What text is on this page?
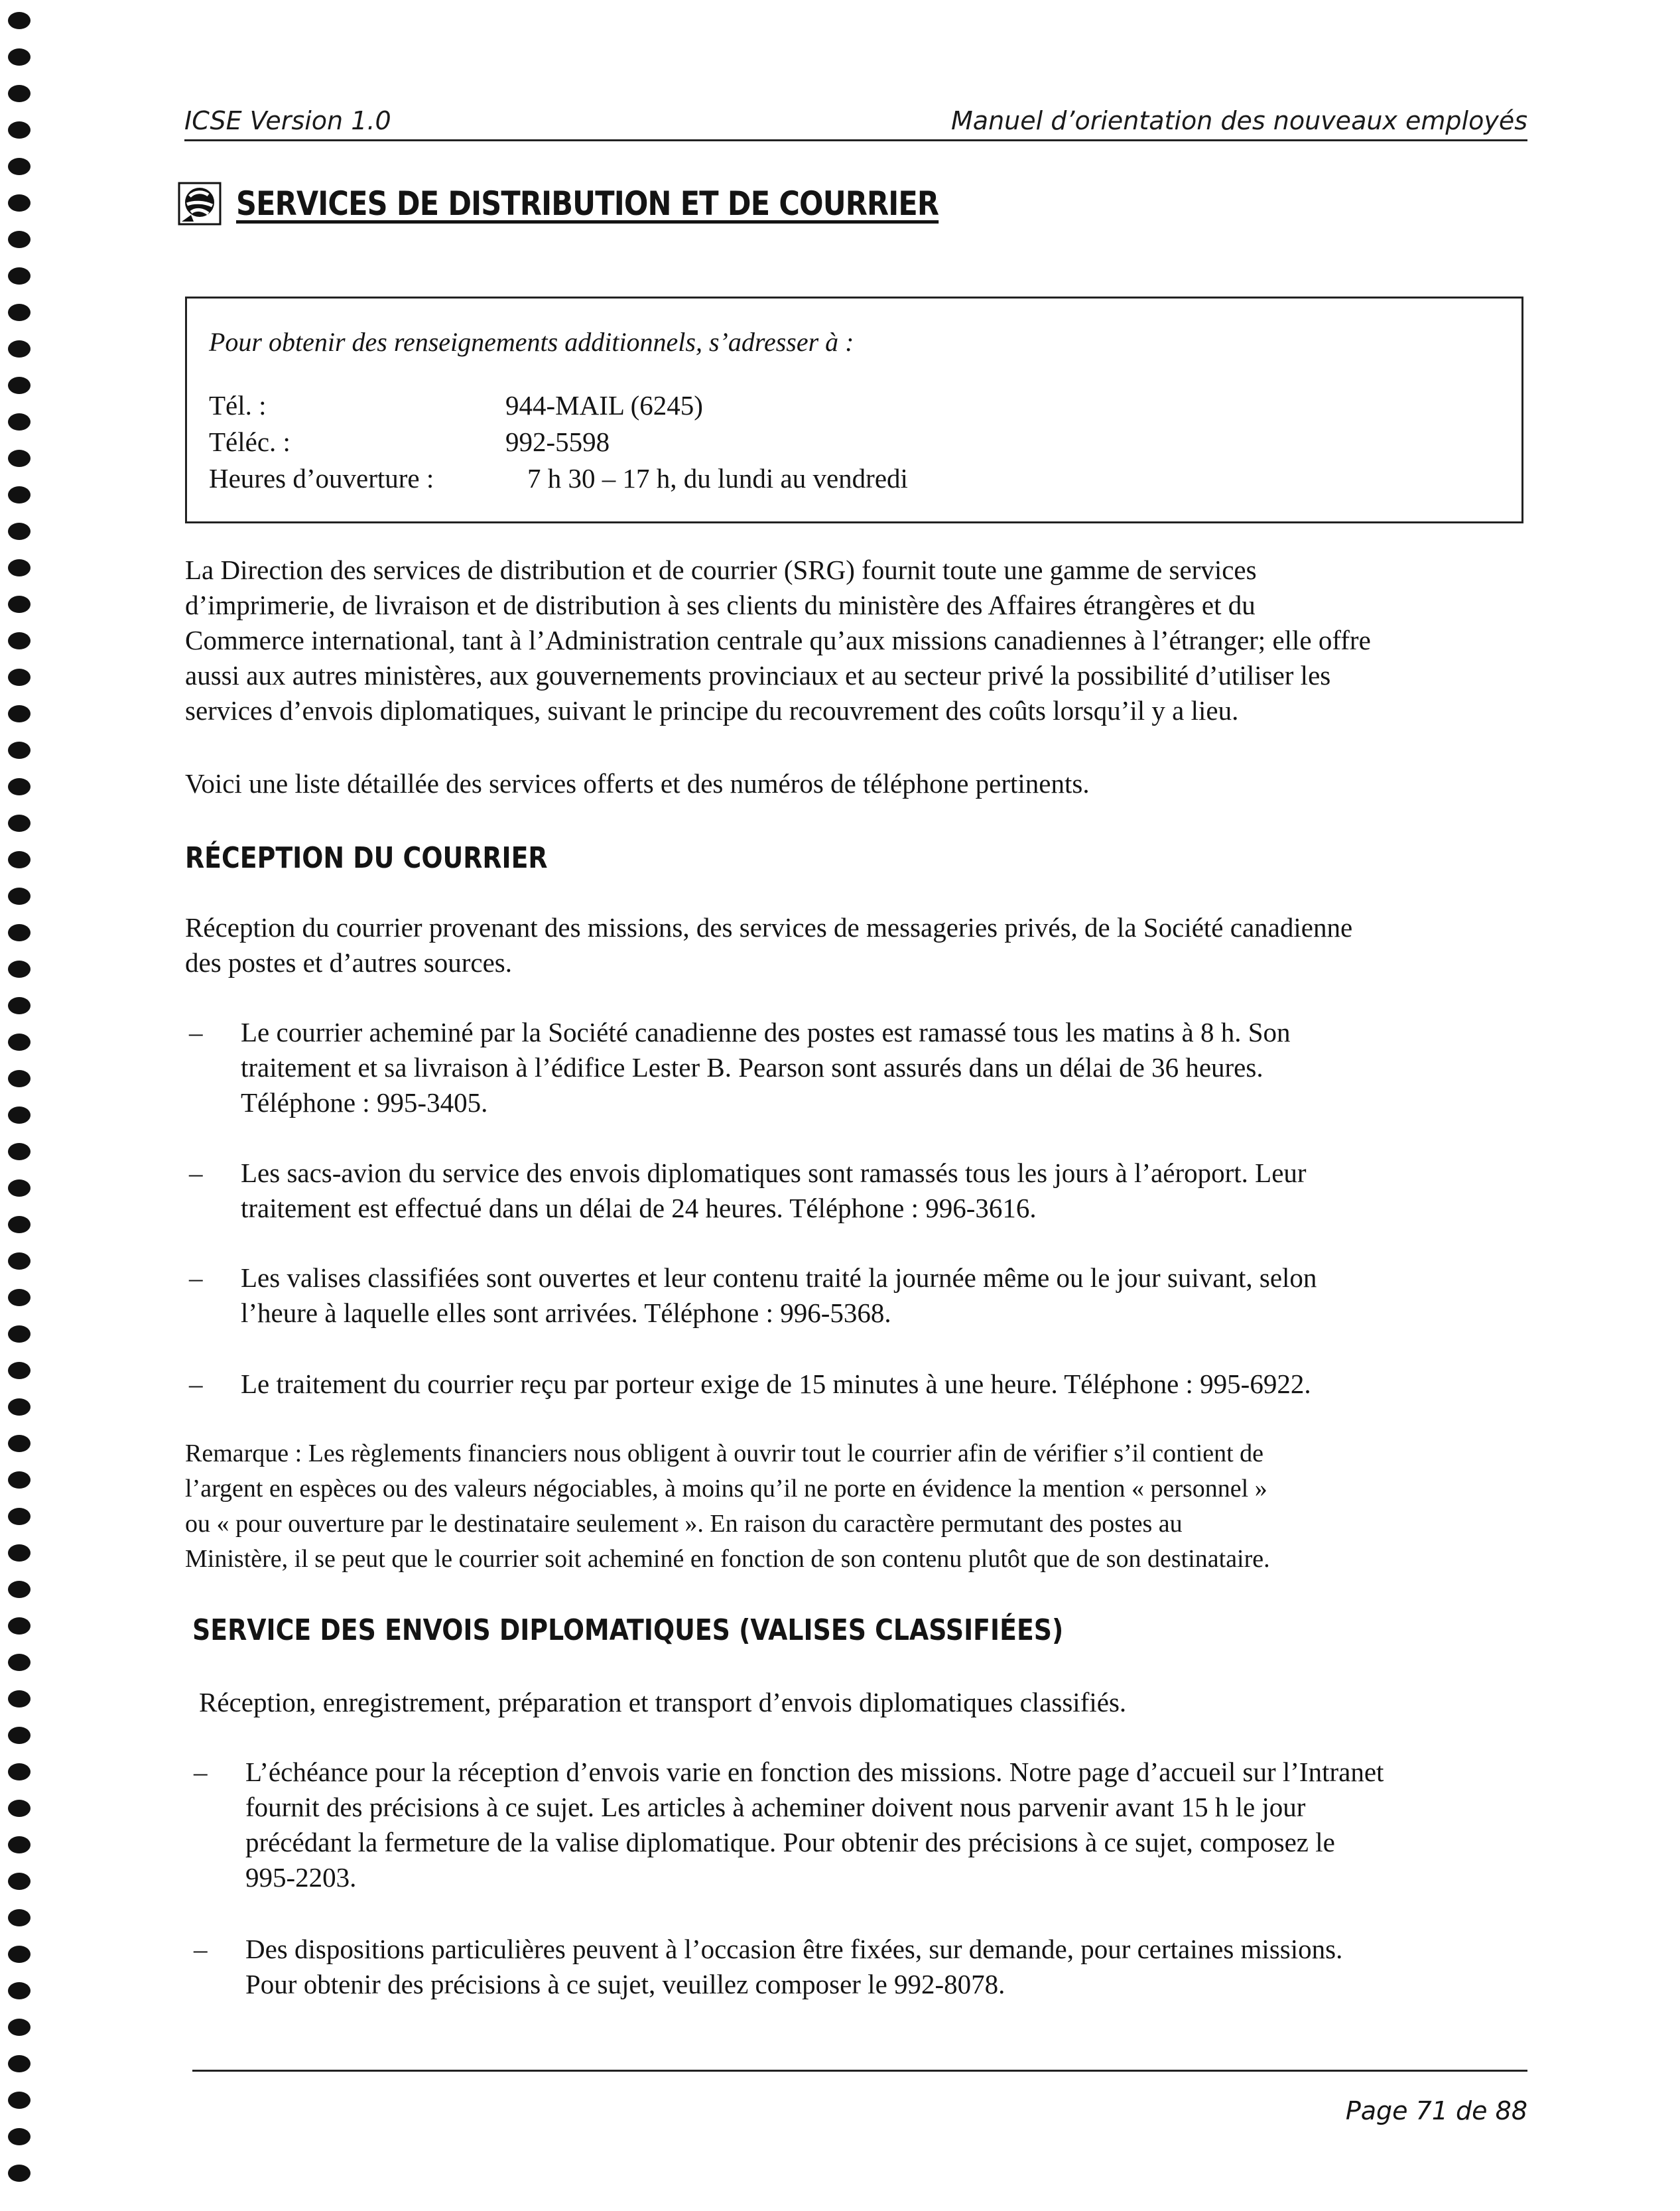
ICSE Version 1.0	Manuel d’orientation des nouveaux employés
SERVICES DE DISTRIBUTION ET DE COURRIER
Pour obtenir des renseignements additionnels, s’adresser à :
Tél. :	944-MAIL (6245)
Téléc. :	992-5598
Heures d’ouverture :	7 h 30 – 17 h, du lundi au vendredi
La Direction des services de distribution et de courrier (SRG) fournit toute une gamme de services
d’imprimerie, de livraison et de distribution à ses clients du ministère des Affaires étrangères et du
Commerce international, tant à l’Administration centrale qu’aux missions canadiennes à l’étranger; elle offre
aussi aux autres ministères, aux gouvernements provinciaux et au secteur privé la possibilité d’utiliser les
services d’envois diplomatiques, suivant le principe du recouvrement des coûts lorsqu’il y a lieu.
Voici une liste détaillée des services offerts et des numéros de téléphone pertinents.
RÉCEPTION DU COURRIER
Réception du courrier provenant des missions, des services de messageries privés, de la Société canadienne
des postes et d’autres sources.
– Le courrier acheminé par la Société canadienne des postes est ramassé tous les matins à 8 h. Son
traitement et sa livraison à l’édifice Lester B. Pearson sont assurés dans un délai de 36 heures.
Téléphone : 995-3405.
– Les sacs-avion du service des envois diplomatiques sont ramassés tous les jours à l’aéroport. Leur
traitement est effectué dans un délai de 24 heures. Téléphone : 996-3616.
– Les valises classifiées sont ouvertes et leur contenu traité la journée même ou le jour suivant, selon
l’heure à laquelle elles sont arrivées. Téléphone : 996-5368.
– Le traitement du courrier reçu par porteur exige de 15 minutes à une heure. Téléphone : 995-6922.
Remarque : Les règlements financiers nous obligent à ouvrir tout le courrier afin de vérifier s’il contient de
l’argent en espèces ou des valeurs négociables, à moins qu’il ne porte en évidence la mention « personnel »
ou « pour ouverture par le destinataire seulement ». En raison du caractère permutant des postes au
Ministère, il se peut que le courrier soit acheminé en fonction de son contenu plutôt que de son destinataire.
SERVICE DES ENVOIS DIPLOMATIQUES (VALISES CLASSIFIÉES)
Réception, enregistrement, préparation et transport d’envois diplomatiques classifiés.
– L’échéance pour la réception d’envois varie en fonction des missions. Notre page d’accueil sur l’Intranet
fournit des précisions à ce sujet. Les articles à acheminer doivent nous parvenir avant 15 h le jour
précédant la fermeture de la valise diplomatique. Pour obtenir des précisions à ce sujet, composez le
995-2203.
– Des dispositions particulières peuvent à l’occasion être fixées, sur demande, pour certaines missions.
Pour obtenir des précisions à ce sujet, veuillez composer le 992-8078.
Page 71 de 88
